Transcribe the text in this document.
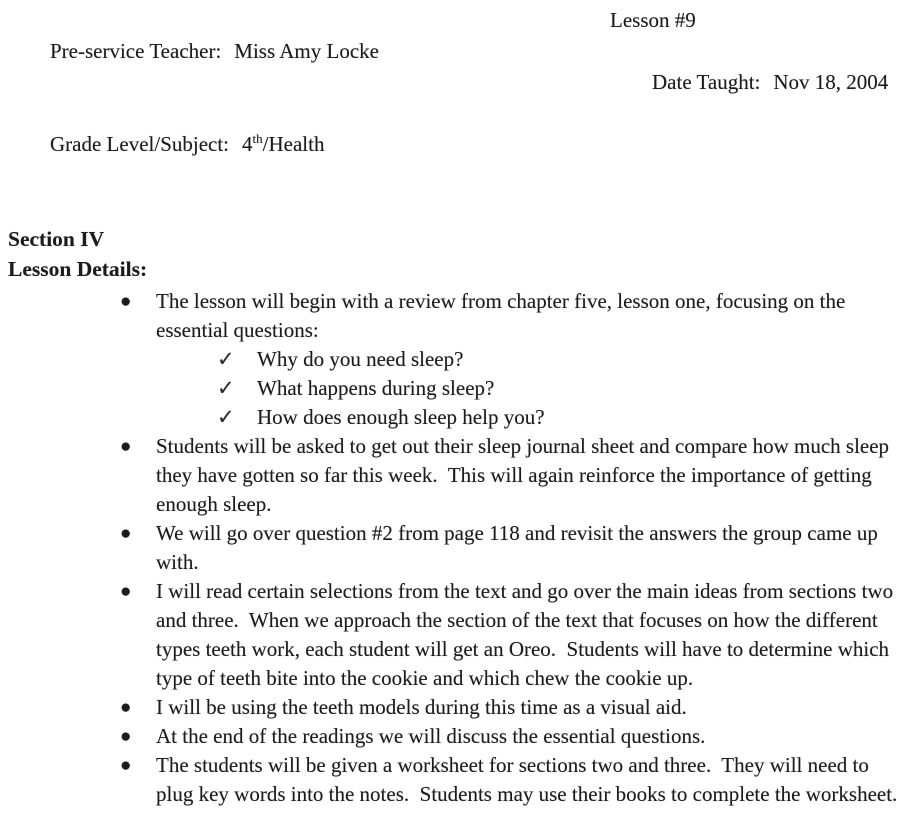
Pre-service Teacher: Miss Amy Locke

Grade Level/Subject: 4th/Health

Lesson #9

Date Taught: Nov 18, 2004

Section IV
Lesson Details:
●	The lesson will begin with a review from chapter five, lesson one, focusing on the essential questions:
✓	Why do you need sleep?
✓	What happens during sleep?
✓	How does enough sleep help you?
●	Students will be asked to get out their sleep journal sheet and compare how much sleep they have gotten so far this week.  This will again reinforce the importance of getting enough sleep.
●	We will go over question #2 from page 118 and revisit the answers the group came up with.
●	I will read certain selections from the text and go over the main ideas from sections two and three.  When we approach the section of the text that focuses on how the different types teeth work, each student will get an Oreo.  Students will have to determine which type of teeth bite into the cookie and which chew the cookie up.
●	I will be using the teeth models during this time as a visual aid.
●	At the end of the readings we will discuss the essential questions.
●	The students will be given a worksheet for sections two and three.  They will need to plug key words into the notes.  Students may use their books to complete the worksheet.
